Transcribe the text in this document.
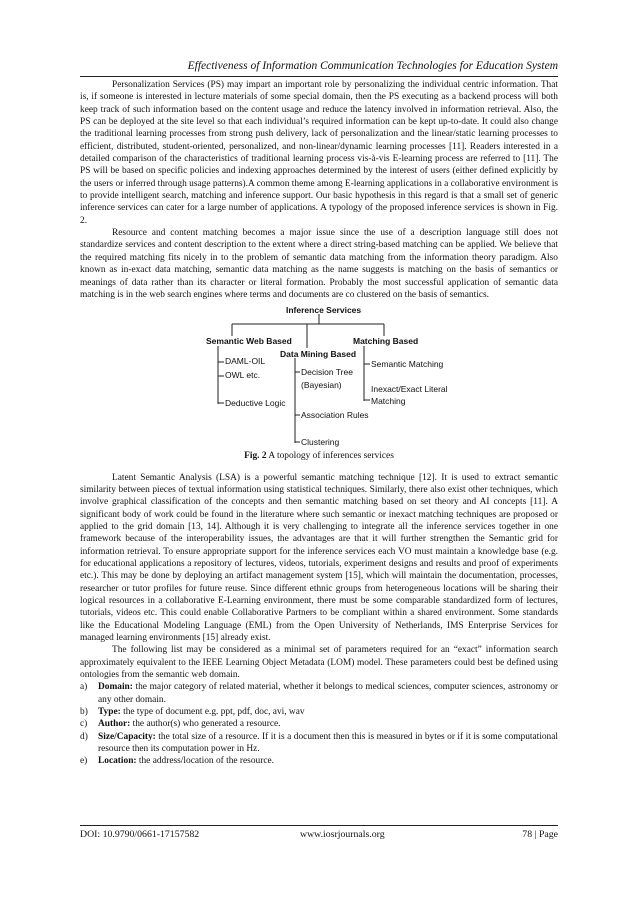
Effectiveness of Information Communication Technologies for Education System

Personalization Services (PS) may impart an important role by personalizing the individual centric information. That is, if someone is interested in lecture materials of some special domain, then the PS executing as a backend process will both keep track of such information based on the content usage and reduce the latency involved in information retrieval. Also, the PS can be deployed at the site level so that each individual’s required information can be kept up-to-date. It could also change the traditional learning processes from strong push delivery, lack of personalization and the linear/static learning processes to efficient, distributed, student-oriented, personalized, and non-linear/dynamic learning processes [11]. Readers interested in a detailed comparison of the characteristics of traditional learning process vis-à-vis E-learning process are referred to [11]. The PS will be based on specific policies and indexing approaches determined by the interest of users (either defined explicitly by the users or inferred through usage patterns).A common theme among E-learning applications in a collaborative environment is to provide intelligent search, matching and inference support. Our basic hypothesis in this regard is that a small set of generic inference services can cater for a large number of applications. A typology of the proposed inference services is shown in Fig. 2.

Resource and content matching becomes a major issue since the use of a description language still does not standardize services and content description to the extent where a direct string-based matching can be applied. We believe that the required matching fits nicely in to the problem of semantic data matching from the information theory paradigm. Also known as in-exact data matching, semantic data matching as the name suggests is matching on the basis of semantics or meanings of data rather than its character or literal formation. Probably the most successful application of semantic data matching is in the web search engines where terms and documents are co clustered on the basis of semantics.

Inference Services
Semantic Web Based
DAML-OIL
OWL etc.
Deductive Logic
Data Mining Based
Decision Tree
(Bayesian)
Association Rules
Clustering
Matching Based
Semantic Matching
Inexact/Exact Literal
Matching
Fig. 2 A topology of inferences services

Latent Semantic Analysis (LSA) is a powerful semantic matching technique [12]. It is used to extract semantic similarity between pieces of textual information using statistical techniques. Similarly, there also exist other techniques, which involve graphical classification of the concepts and then semantic matching based on set theory and AI concepts [11]. A significant body of work could be found in the literature where such semantic or inexact matching techniques are proposed or applied to the grid domain [13, 14]. Although it is very challenging to integrate all the inference services together in one framework because of the interoperability issues, the advantages are that it will further strengthen the Semantic grid for information retrieval. To ensure appropriate support for the inference services each VO must maintain a knowledge base (e.g. for educational applications a repository of lectures, videos, tutorials, experiment designs and results and proof of experiments etc.). This may be done by deploying an artifact management system [15], which will maintain the documentation, processes, researcher or tutor profiles for future reuse. Since different ethnic groups from heterogeneous locations will be sharing their logical resources in a collaborative E-Learning environment, there must be some comparable standardized form of lectures, tutorials, videos etc. This could enable Collaborative Partners to be compliant within a shared environment. Some standards like the Educational Modeling Language (EML) from the Open University of Netherlands, IMS Enterprise Services for managed learning environments [15] already exist.

The following list may be considered as a minimal set of parameters required for an “exact” information search approximately equivalent to the IEEE Learning Object Metadata (LOM) model. These parameters could best be defined using ontologies from the semantic web domain.

a) Domain: the major category of related material, whether it belongs to medical sciences, computer sciences, astronomy or any other domain.
b) Type: the type of document e.g. ppt, pdf, doc, avi, wav
c) Author: the author(s) who generated a resource.
d) Size/Capacity: the total size of a resource. If it is a document then this is measured in bytes or if it is some computational resource then its computation power in Hz.
e) Location: the address/location of the resource.
DOI: 10.9790/0661-17157582	www.iosrjournals.org	78 | Page
